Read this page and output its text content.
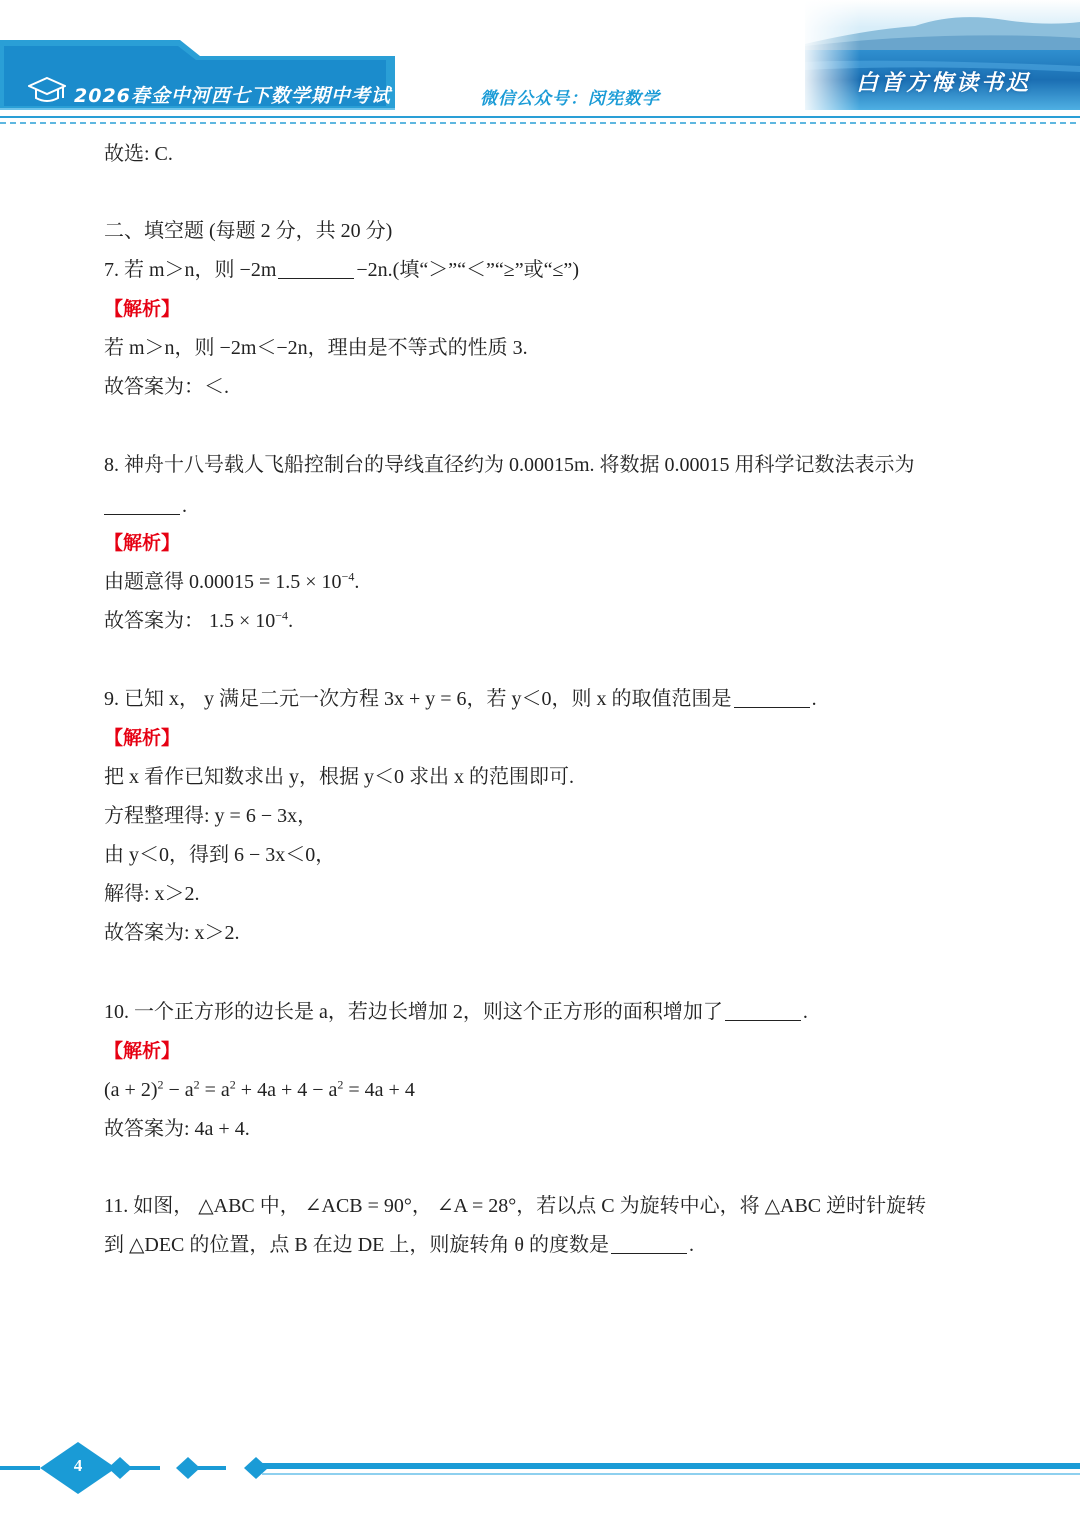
2026春金中河西七下数学期中考试	微信公众号：闵宪数学
白首方悔读书迟
故选: C.
二、填空题 (每题 2 分，共 20 分)
7. 若 m＞n，则 −2m	−2n.(填“＞”“＜”“≥”或“≤”)
【解析】
若 m＞n，则 −2m＜−2n，理由是不等式的性质 3.
故答案为：＜.
8. 神舟十八号载人飞船控制台的导线直径约为 0.00015m. 将数据 0.00015 用科学记数法表示为
.
【解析】
由题意得 $0.00015 = 1.5 \times 10^{-4}$.
故答案为： $1.5 \times 10^{-4}$.
9. 已知 x， y 满足二元一次方程 3x + y = 6，若 y＜0，则 x 的取值范围是	.
【解析】
把 x 看作已知数求出 y，根据 y＜0 求出 x 的范围即可.
方程整理得: y = 6 − 3x，
由 y＜0，得到 6 − 3x＜0，
解得: x＞2.
故答案为: x＞2.
10. 一个正方形的边长是 a，若边长增加 2，则这个正方形的面积增加了	.
【解析】
$(a + 2)^2 - a^2 = a^2 + 4a + 4 - a^2 = 4a + 4$
故答案为: 4a + 4.
11. 如图， △ABC 中， ∠ACB = 90°， ∠A = 28°，若以点 C 为旋转中心，将 △ABC 逆时针旋转
到 △DEC 的位置，点 B 在边 DE 上，则旋转角 θ 的度数是	.
4
